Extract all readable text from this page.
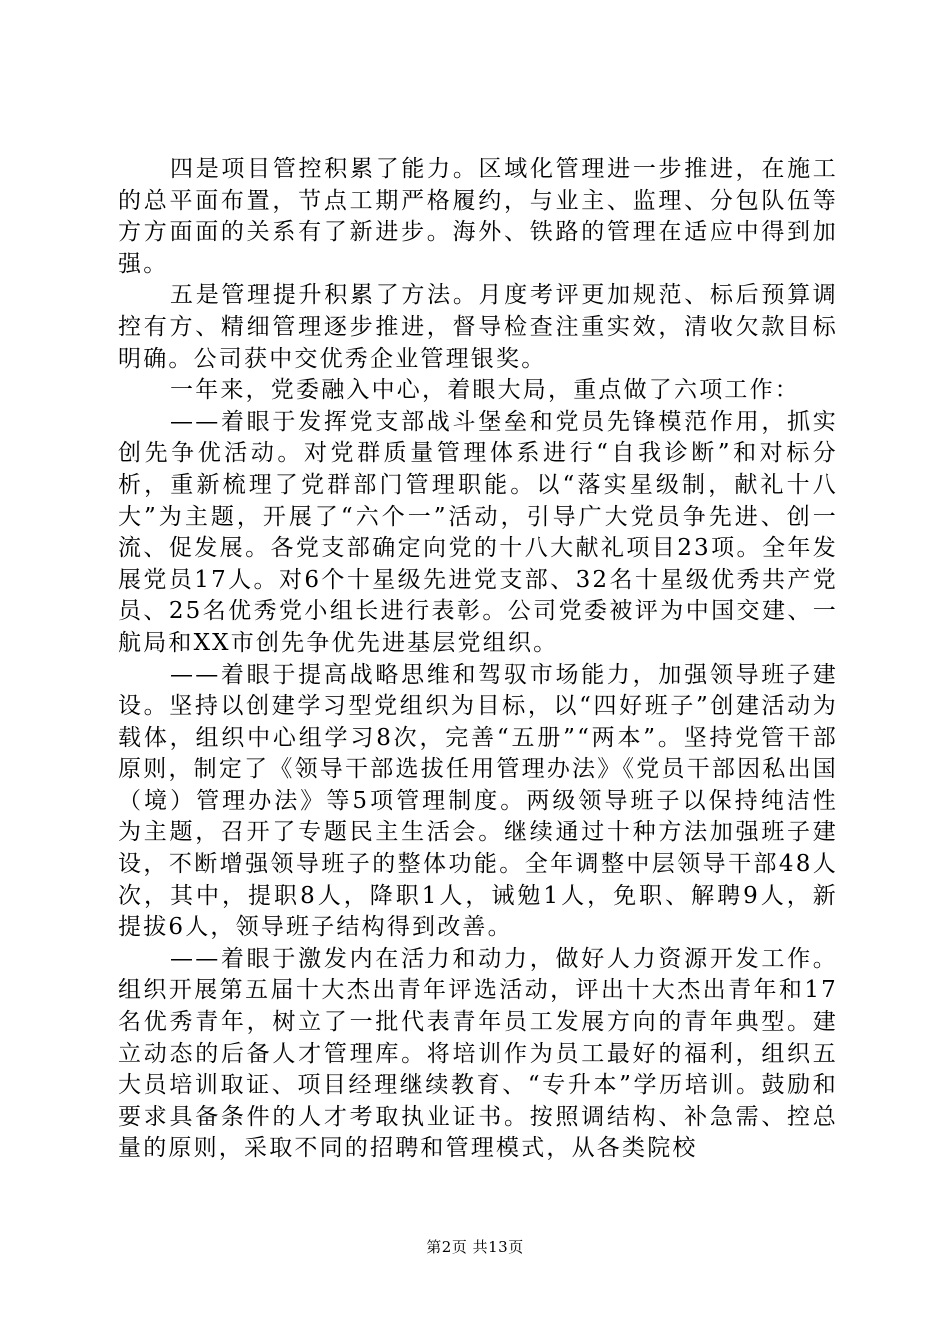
四是项目管控积累了能力。区域化管理进一步推进，在施工的总平面布置，节点工期严格履约，与业主、监理、分包队伍等方方面面的关系有了新进步。海外、铁路的管理在适应中得到加强。

五是管理提升积累了方法。月度考评更加规范、标后预算调控有方、精细管理逐步推进，督导检查注重实效，清收欠款目标明确。公司获中交优秀企业管理银奖。

一年来，党委融入中心，着眼大局，重点做了六项工作：

——着眼于发挥党支部战斗堡垒和党员先锋模范作用，抓实创先争优活动。对党群质量管理体系进行“自我诊断”和对标分析，重新梳理了党群部门管理职能。以“落实星级制，献礼十八大”为主题，开展了“六个一”活动，引导广大党员争先进、创一流、促发展。各党支部确定向党的十八大献礼项目23项。全年发展党员17人。对6个十星级先进党支部、32名十星级优秀共产党员、25名优秀党小组长进行表彰。公司党委被评为中国交建、一航局和XX市创先争优先进基层党组织。

——着眼于提高战略思维和驾驭市场能力，加强领导班子建设。坚持以创建学习型党组织为目标，以“四好班子”创建活动为载体，组织中心组学习8次，完善“五册”“两本”。坚持党管干部原则，制定了《领导干部选拔任用管理办法》《党员干部因私出国（境）管理办法》等5项管理制度。两级领导班子以保持纯洁性为主题，召开了专题民主生活会。继续通过十种方法加强班子建设，不断增强领导班子的整体功能。全年调整中层领导干部48人次，其中，提职8人，降职1人，诫勉1人，免职、解聘9人，新提拔6人，领导班子结构得到改善。

——着眼于激发内在活力和动力，做好人力资源开发工作。组织开展第五届十大杰出青年评选活动，评出十大杰出青年和17名优秀青年，树立了一批代表青年员工发展方向的青年典型。建立动态的后备人才管理库。将培训作为员工最好的福利，组织五大员培训取证、项目经理继续教育、“专升本”学历培训。鼓励和要求具备条件的人才考取执业证书。按照调结构、补急需、控总量的原则，采取不同的招聘和管理模式，从各类院校

第2页 共13页
